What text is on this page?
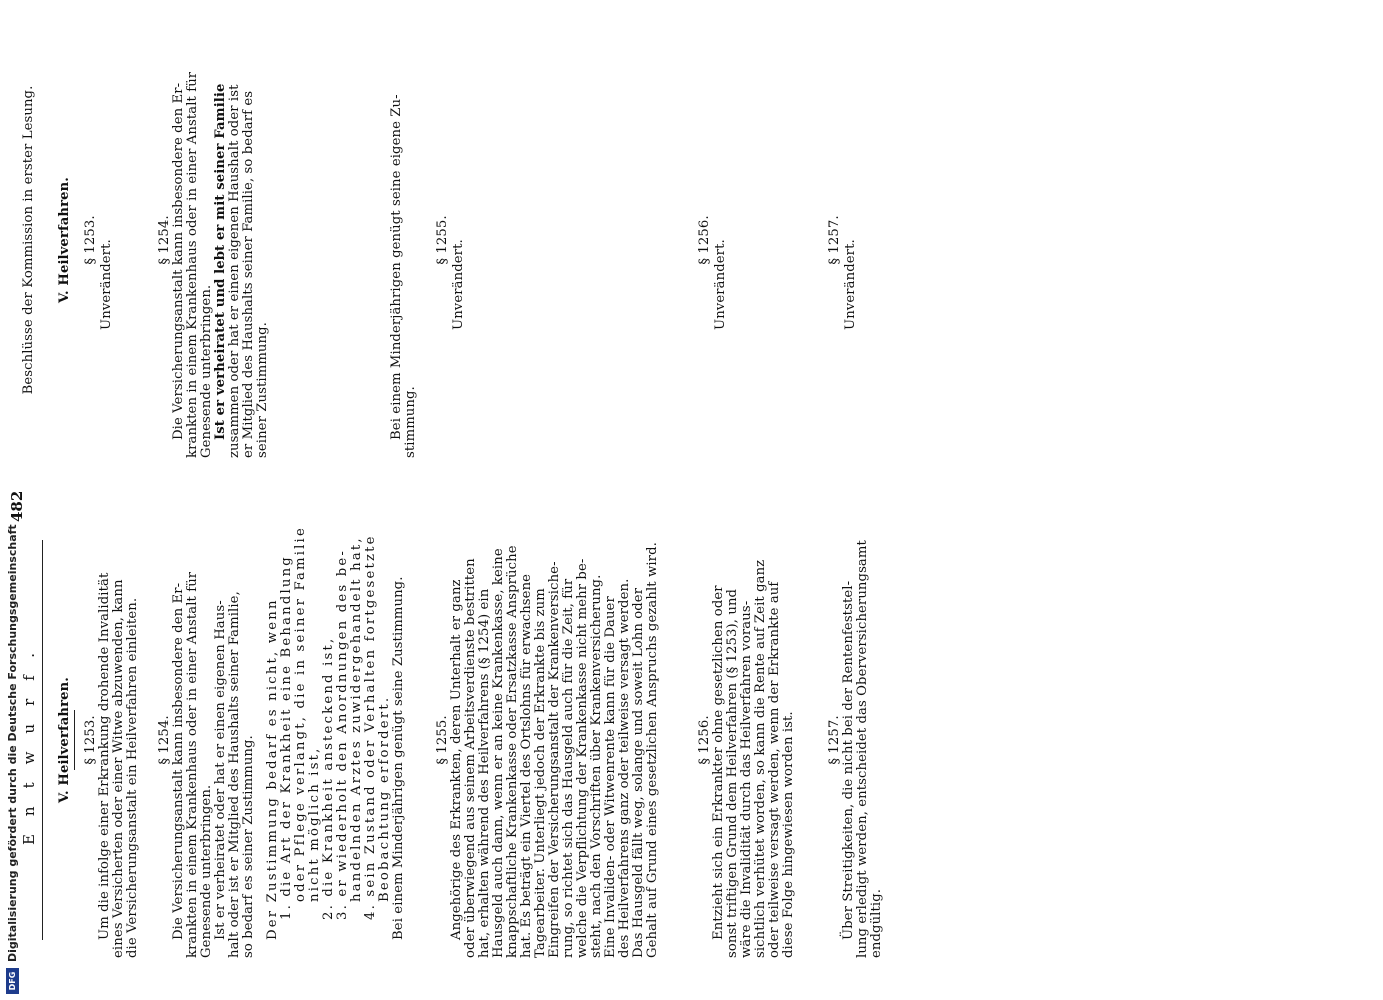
482
Entwurf. V. Heilverfahren. § 1253. Um die infolge einer Erkrankung drohende Invalidität eines Versicherten oder einer Witwe abzuwenden, kann die Versicherungsanstalt ein Heilverfahren einleiten. § 1254. Die Versicherungsanstalt kann insbesondere den Er- krankten in einem Krankenhaus oder in einer Anstalt für Genesende unterbringen. Ist er verheiratet oder hat er einen eigenen Haus- halt oder ist er Mitglied des Haushalts seiner Familie, so bedarf es seiner Zustimmung. Der Zustimmung bedarf es nicht, wenn 1. die Art der Krankheit eine Behandlung oder Pflege verlangt, die in seiner Familie nicht möglich ist, 2. die Krankheit ansteckend ist, 3. er wiederholt den Anordnungen des be- handelnden Arztes zuwidergehandelt hat, 4. sein Zustand oder Verhalten fortgesetzte Beobachtung erfordert. Bei einem Minderjährigen genügt seine Zustimmung. § 1255. Angehörige des Erkrankten, deren Unterhalt er ganz oder überwiegend aus seinem Arbeitsverdienste bestritten hat, erhalten während des Heilverfahrens (§ 1254) ein Hausgeld auch dann, wenn er an keine Krankenkasse, keine knappschaftliche Krankenkasse oder Ersatzkasse Ansprüche hat. Es beträgt ein Viertel des Ortslohns für erwachsene Tagearbeiter. Unterliegt jedoch der Erkrankte bis zum Eingreifen der Versicherungsanstalt der Krankenversiche- rung, so richtet sich das Hausgeld auch für die Zeit, für welche die Verpflichtung der Krankenkasse nicht mehr be- steht, nach den Vorschriften über Krankenversicherung. Eine Invaliden- oder Witwenrente kann für die Dauer des Heilverfahrens ganz oder teilweise versagt werden. Das Hausgeld fällt weg, solange und soweit Lohn oder Gehalt auf Grund eines gesetzlichen Anspruchs gezahlt wird.	§ 1256. Entzieht sich ein Erkrankter ohne gesetzlichen oder sonst triftigen Grund dem Heilverfahren (§ 1253), und wäre die Invalidität durch das Heilverfahren voraus- sichtlich verhütet worden, so kann die Rente auf Zeit ganz oder teilweise versagt werden, wenn der Erkrankte auf diese Folge hingewiesen worden ist. § 1257. Über Streitigkeiten, die nicht bei der Rentenfeststel- lung erledigt werden, entscheidet das Oberversicherungsamt endgültig.
Beschlüsse der Kommission in erster Lesung. V. Heilverfahren. § 1253. Unverändert.	§ 1254. Die Versicherungsanstalt kann insbesondere den Er- krankten in einem Krankenhaus oder in einer Anstalt für Genesende unterbringen. Ist er verheiratet und lebt er mit seiner Familie zusammen oder hat er einen eigenen Haushalt oder ist er Mitglied des Haushalts seiner Familie, so bedarf es seiner Zustimmung.	Bei einem Minderjährigen genügt seine eigene Zu- stimmung.
§ 1255. Unverändert.	§ 1256. Unverändert.	§ 1257. Unverändert.
DFG
Digitalisierung gefördert durch die Deutsche Forschungsgemeinschaft
